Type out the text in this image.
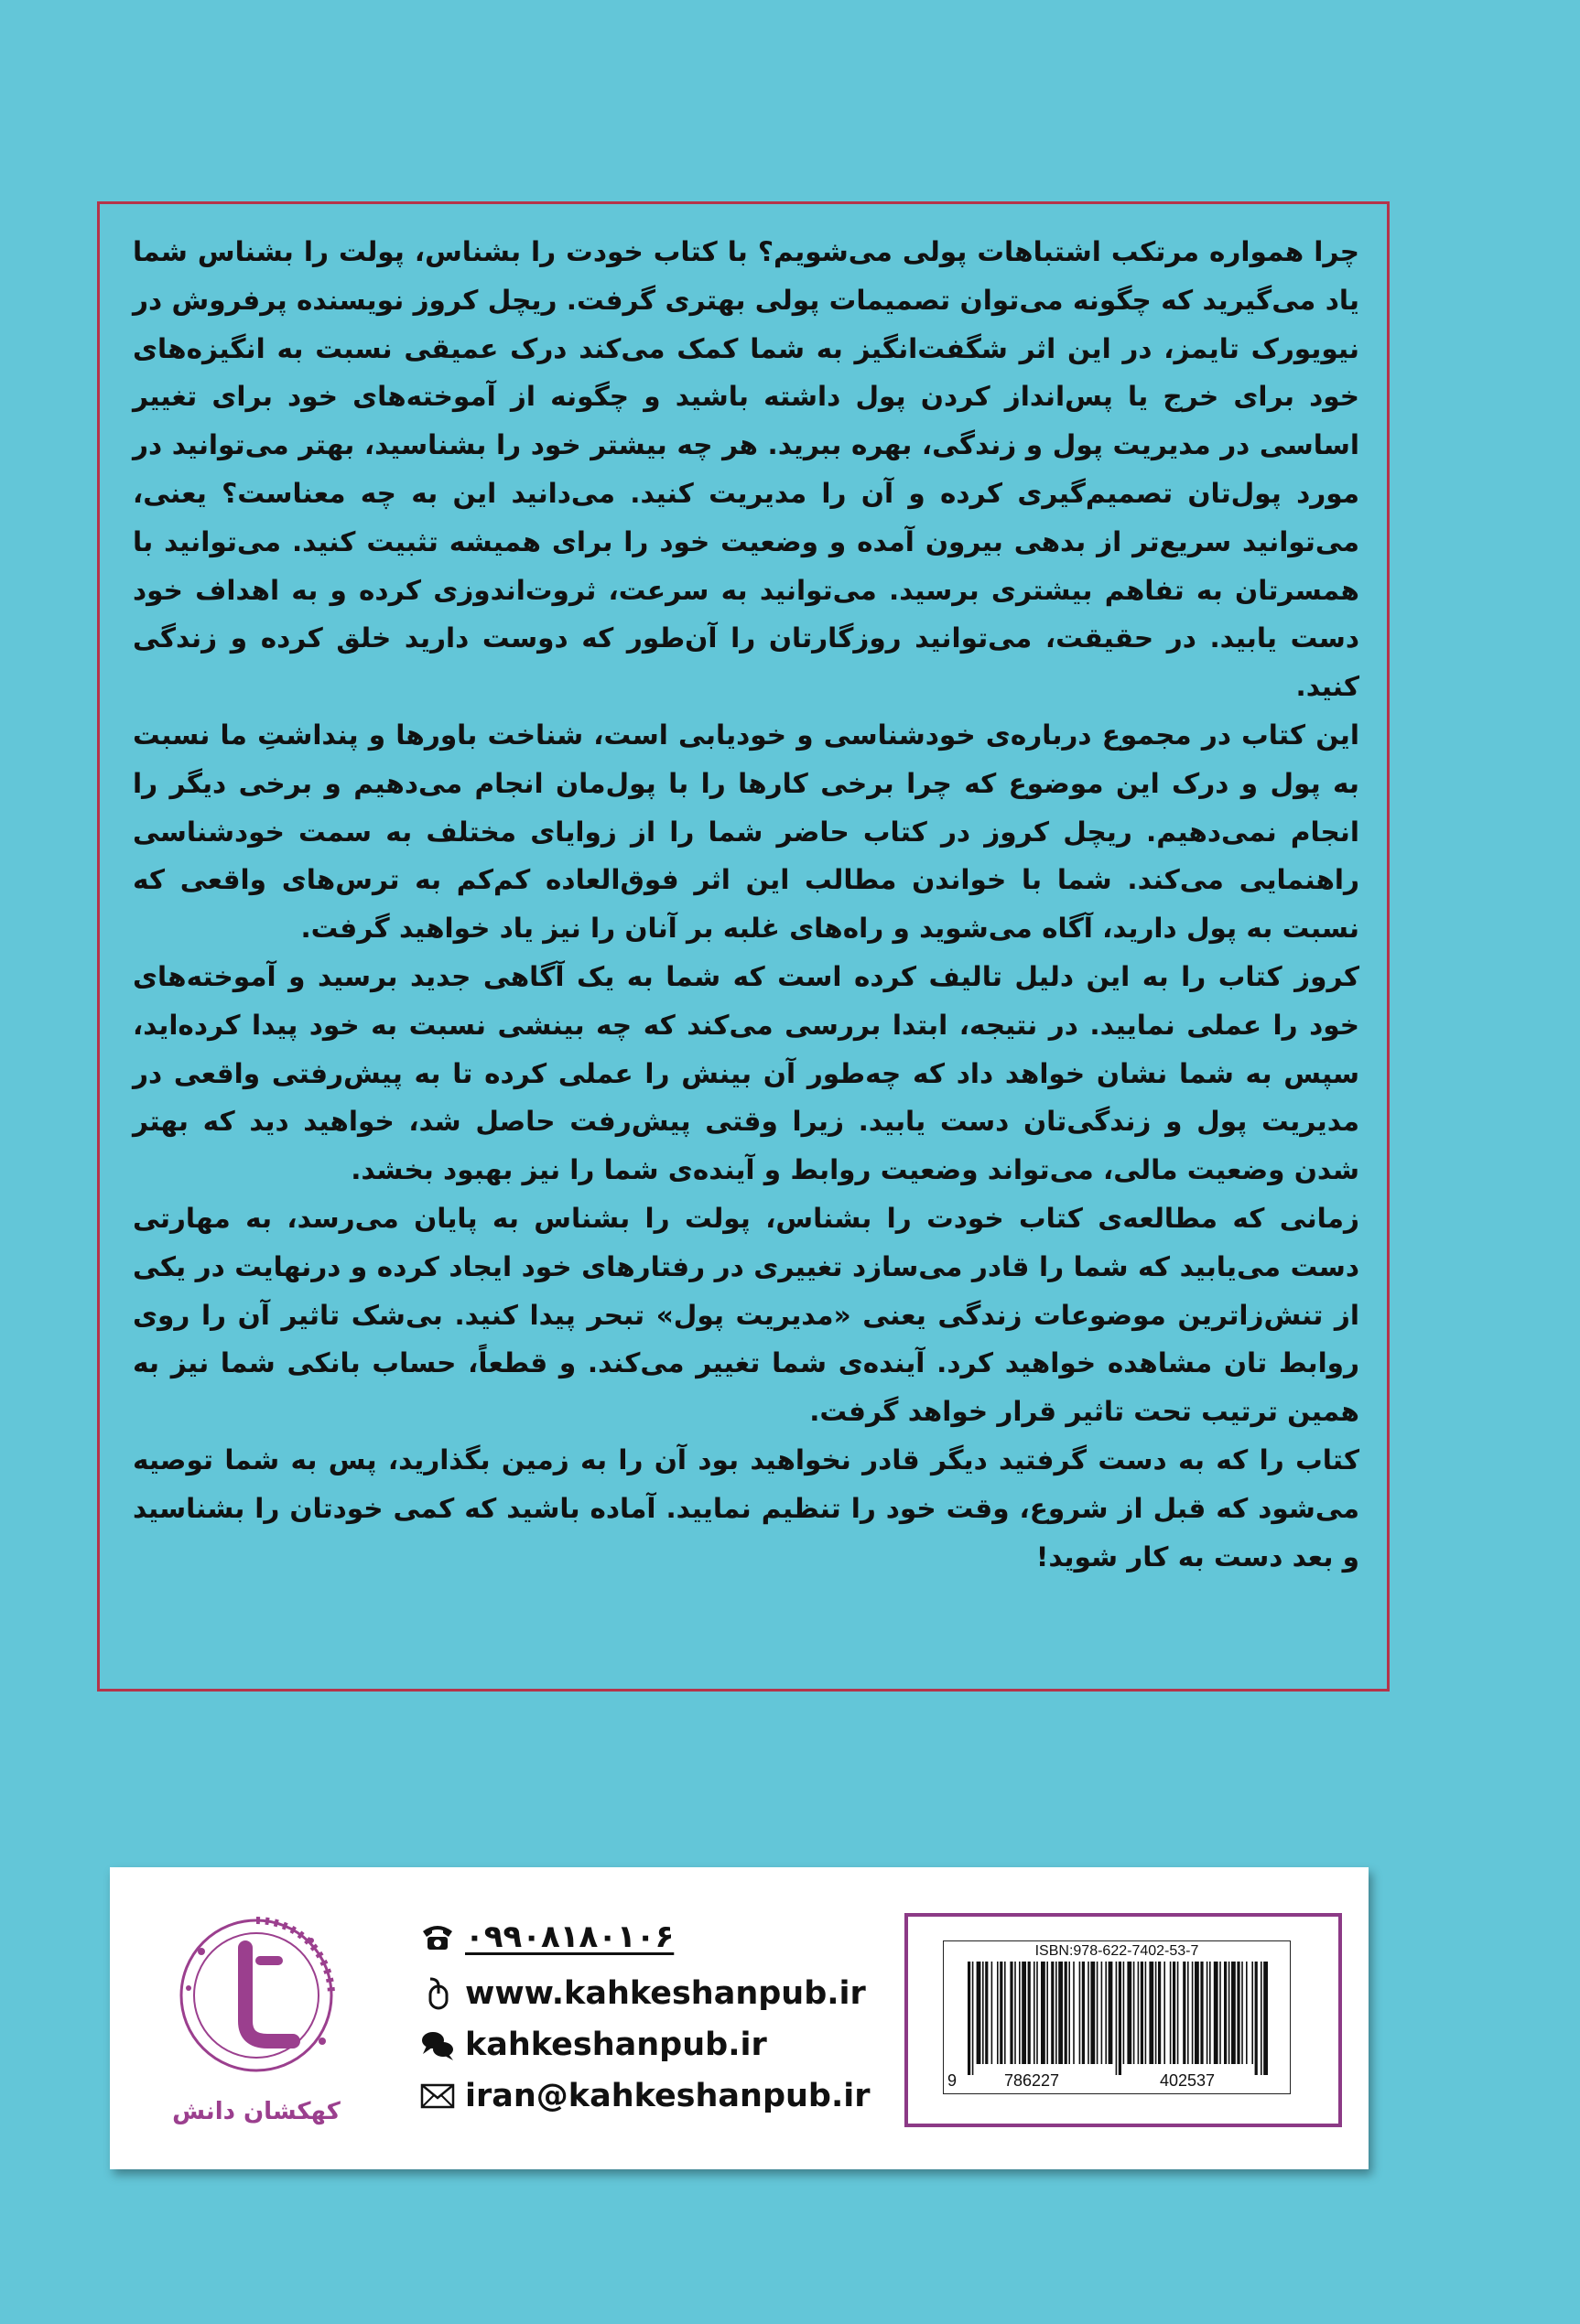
چرا همواره مرتکب اشتباهات پولی می‌شویم؟ با کتاب خودت را بشناس، پولت را بشناس شما یاد می‌گیرید که چگونه می‌توان تصمیمات پولی بهتری گرفت. ریچل کروز نویسنده پرفروش در نیویورک تایمز، در این اثر شگفت‌انگیز به شما کمک می‌کند درک عمیقی نسبت به انگیزه‌های خود برای خرج یا پس‌انداز کردن پول داشته باشید و چگونه از آموخته‌های خود برای تغییر اساسی در مدیریت پول و زندگی، بهره ببرید. هر چه بیشتر خود را بشناسید، بهتر می‌توانید در مورد پول‌تان تصمیم‌گیری کرده و آن را مدیریت کنید. می‌دانید این به چه معناست؟ یعنی، می‌توانید سریع‌تر از بدهی بیرون آمده و وضعیت خود را برای همیشه تثبیت کنید. می‌توانید با همسرتان به تفاهم بیشتری برسید. می‌توانید به سرعت، ثروت‌اندوزی کرده و به اهداف خود دست یابید. در حقیقت، می‌توانید روزگارتان را آن‌طور که دوست دارید خلق کرده و زندگی کنید.

این کتاب در مجموع درباره‌ی خودشناسی و خودیابی است، شناخت باورها و پنداشتِ ما نسبت به پول و درک این موضوع که چرا برخی کارها را با پول‌مان انجام می‌دهیم و برخی دیگر را انجام نمی‌دهیم. ریچل کروز در کتاب حاضر شما را از زوایای مختلف به سمت خودشناسی راهنمایی می‌کند. شما با خواندن مطالب این اثر فوق‌العاده کم‌کم به ترس‌های واقعی که نسبت به پول دارید، آگاه می‌شوید و راه‌های غلبه بر آنان را نیز یاد خواهید گرفت.

کروز کتاب را به این دلیل تالیف کرده است که شما به یک آگاهی جدید برسید و آموخته‌های خود را عملی نمایید. در نتیجه، ابتدا بررسی می‌کند که چه بینشی نسبت به خود پیدا کرده‌اید، سپس به شما نشان خواهد داد که چه‌طور آن بینش را عملی کرده تا به پیش‌رفتی واقعی در مدیریت پول و زندگی‌تان دست یابید. زیرا وقتی پیش‌رفت حاصل شد، خواهید دید که بهتر شدن وضعیت مالی، می‌تواند وضعیت روابط و آینده‌ی شما را نیز بهبود بخشد.

زمانی که مطالعه‌ی کتاب خودت را بشناس، پولت را بشناس به پایان می‌رسد، به مهارتی دست می‌یابید که شما را قادر می‌سازد تغییری در رفتارهای خود ایجاد کرده و درنهایت در یکی از تنش‌زاترین موضوعات زندگی یعنی «مدیریت پول» تبحر پیدا کنید. بی‌شک تاثیر آن را روی روابط تان مشاهده خواهید کرد. آینده‌ی شما تغییر می‌کند. و قطعاً، حساب بانکی شما نیز به همین ترتیب تحت تاثیر قرار خواهد گرفت.

کتاب را که به دست گرفتید دیگر قادر نخواهید بود آن را به زمین بگذارید، پس به شما توصیه می‌شود که قبل از شروع، وقت خود را تنظیم نمایید. آماده باشید که کمی خودتان را بشناسید و بعد دست به کار شوید!

کهکشان دانش
۰۹۹۰۸۱۸۰۱۰۶
www.kahkeshanpub.ir
kahkeshanpub.ir
iran@kahkeshanpub.ir
ISBN:978-622-7402-53-7
9	786227	402537
